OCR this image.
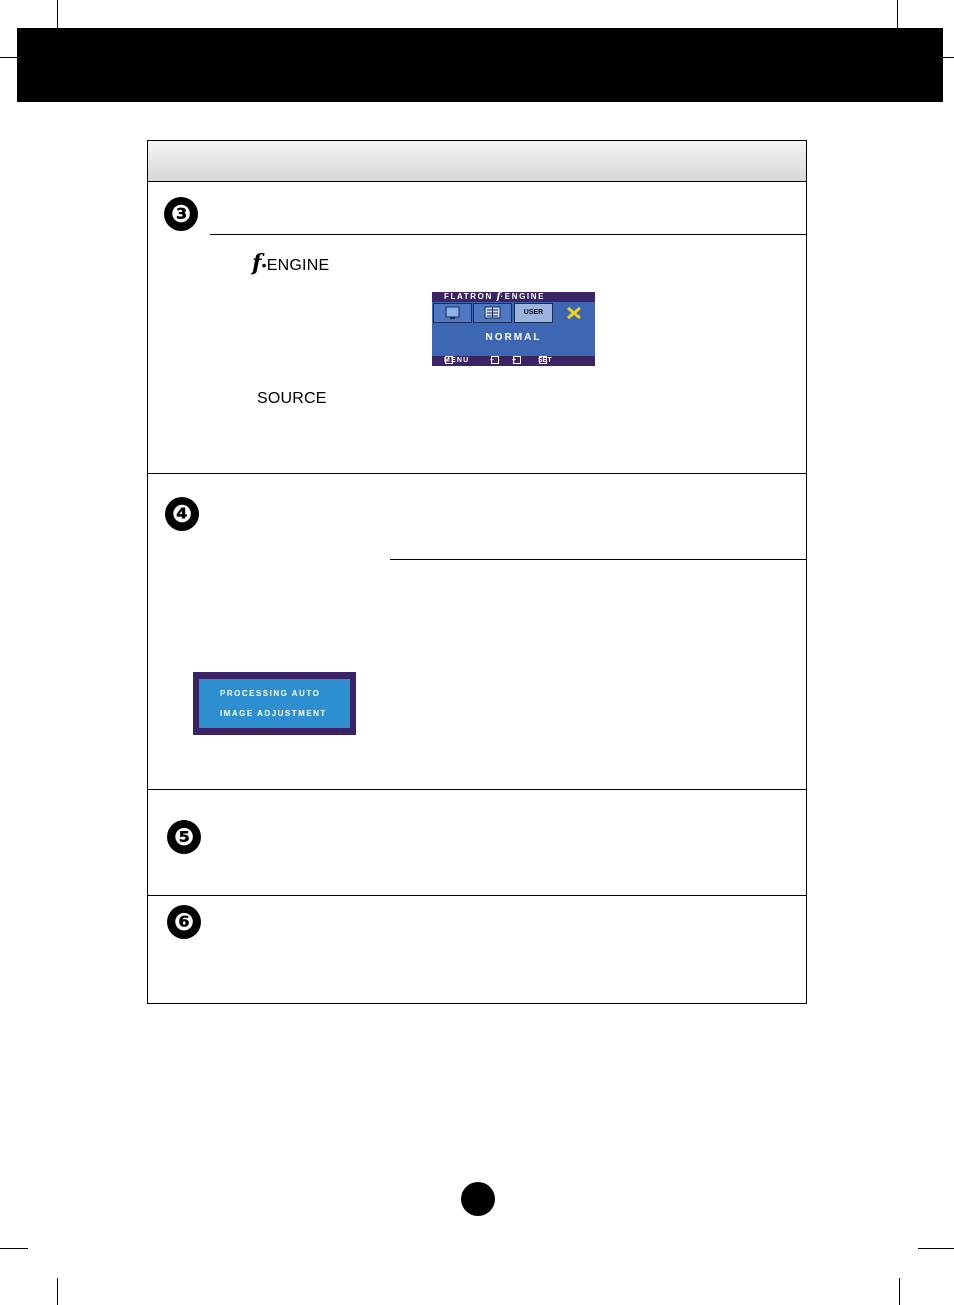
❸
❹
❺
❻
f•ENGINE
FLATRON f·ENGINE
USER
NORMAL
MENU	–	+	SET
SOURCE
PROCESSING AUTO
IMAGE ADJUSTMENT
